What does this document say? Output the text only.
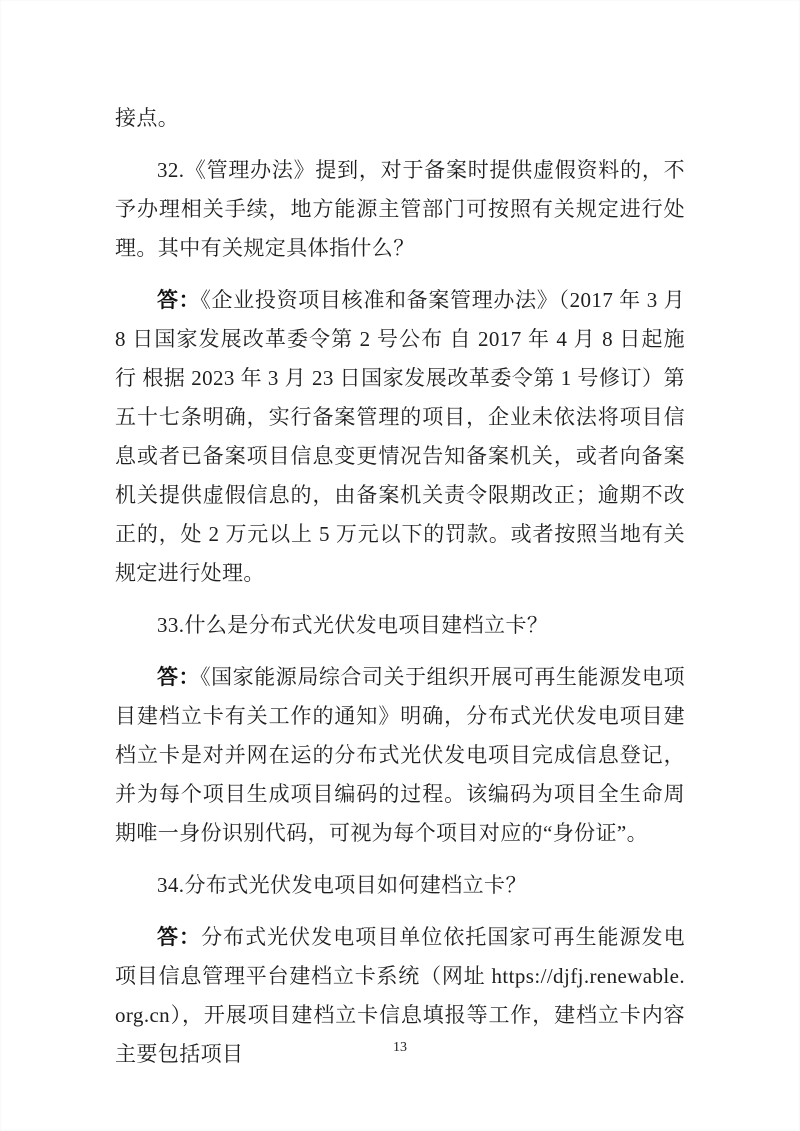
接点。

32.《管理办法》提到，对于备案时提供虚假资料的，不予办理相关手续，地方能源主管部门可按照有关规定进行处理。其中有关规定具体指什么？

答：《企业投资项目核准和备案管理办法》（2017 年 3 月 8 日国家发展改革委令第 2 号公布 自 2017 年 4 月 8 日起施行 根据 2023 年 3 月 23 日国家发展改革委令第 1 号修订）第五十七条明确，实行备案管理的项目，企业未依法将项目信息或者已备案项目信息变更情况告知备案机关，或者向备案机关提供虚假信息的，由备案机关责令限期改正；逾期不改正的，处 2 万元以上 5 万元以下的罚款。或者按照当地有关规定进行处理。

33.什么是分布式光伏发电项目建档立卡？

答：《国家能源局综合司关于组织开展可再生能源发电项目建档立卡有关工作的通知》明确，分布式光伏发电项目建档立卡是对并网在运的分布式光伏发电项目完成信息登记，并为每个项目生成项目编码的过程。该编码为项目全生命周期唯一身份识别代码，可视为每个项目对应的“身份证”。

34.分布式光伏发电项目如何建档立卡？

答：分布式光伏发电项目单位依托国家可再生能源发电项目信息管理平台建档立卡系统（网址 https://djfj.renewable.org.cn），开展项目建档立卡信息填报等工作，建档立卡内容主要包括项目	13
